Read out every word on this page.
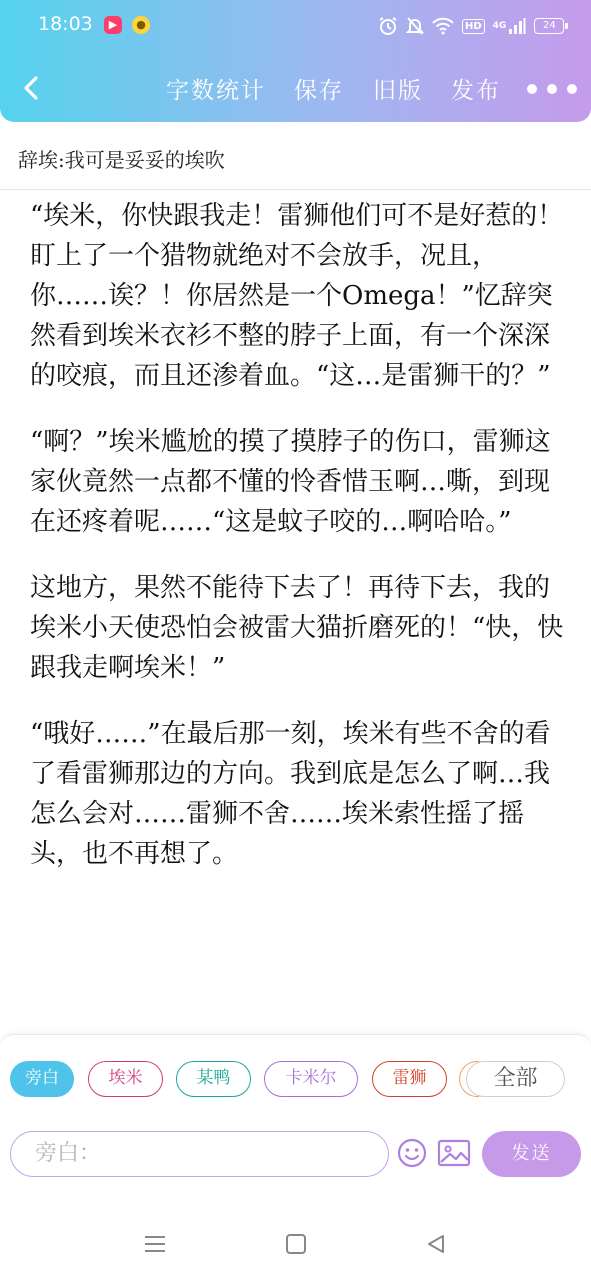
18:03	▶	●	HD	4G	24
字数统计 保存 旧版 发布
辞埃:我可是妥妥的埃吹

“埃米，你快跟我走！雷狮他们可不是好惹的！盯上了一个猎物就绝对不会放手，况且，你……诶？！你居然是一个Omega！”忆辞突然看到埃米衣衫不整的脖子上面，有一个深深的咬痕，而且还渗着血。“这…是雷狮干的？”

“啊？”埃米尴尬的摸了摸脖子的伤口，雷狮这家伙竟然一点都不懂的怜香惜玉啊…嘶，到现在还疼着呢……“这是蚊子咬的…啊哈哈。”

这地方，果然不能待下去了！再待下去，我的埃米小天使恐怕会被雷大猫折磨死的！“快，快跟我走啊埃米！”

“哦好……”在最后那一刻，埃米有些不舍的看了看雷狮那边的方向。我到底是怎么了啊…我怎么会对……雷狮不舍……埃米索性摇了摇头，也不再想了。

旁白	埃米	某鸭	卡米尔	雷狮	全部
旁白：	发送
